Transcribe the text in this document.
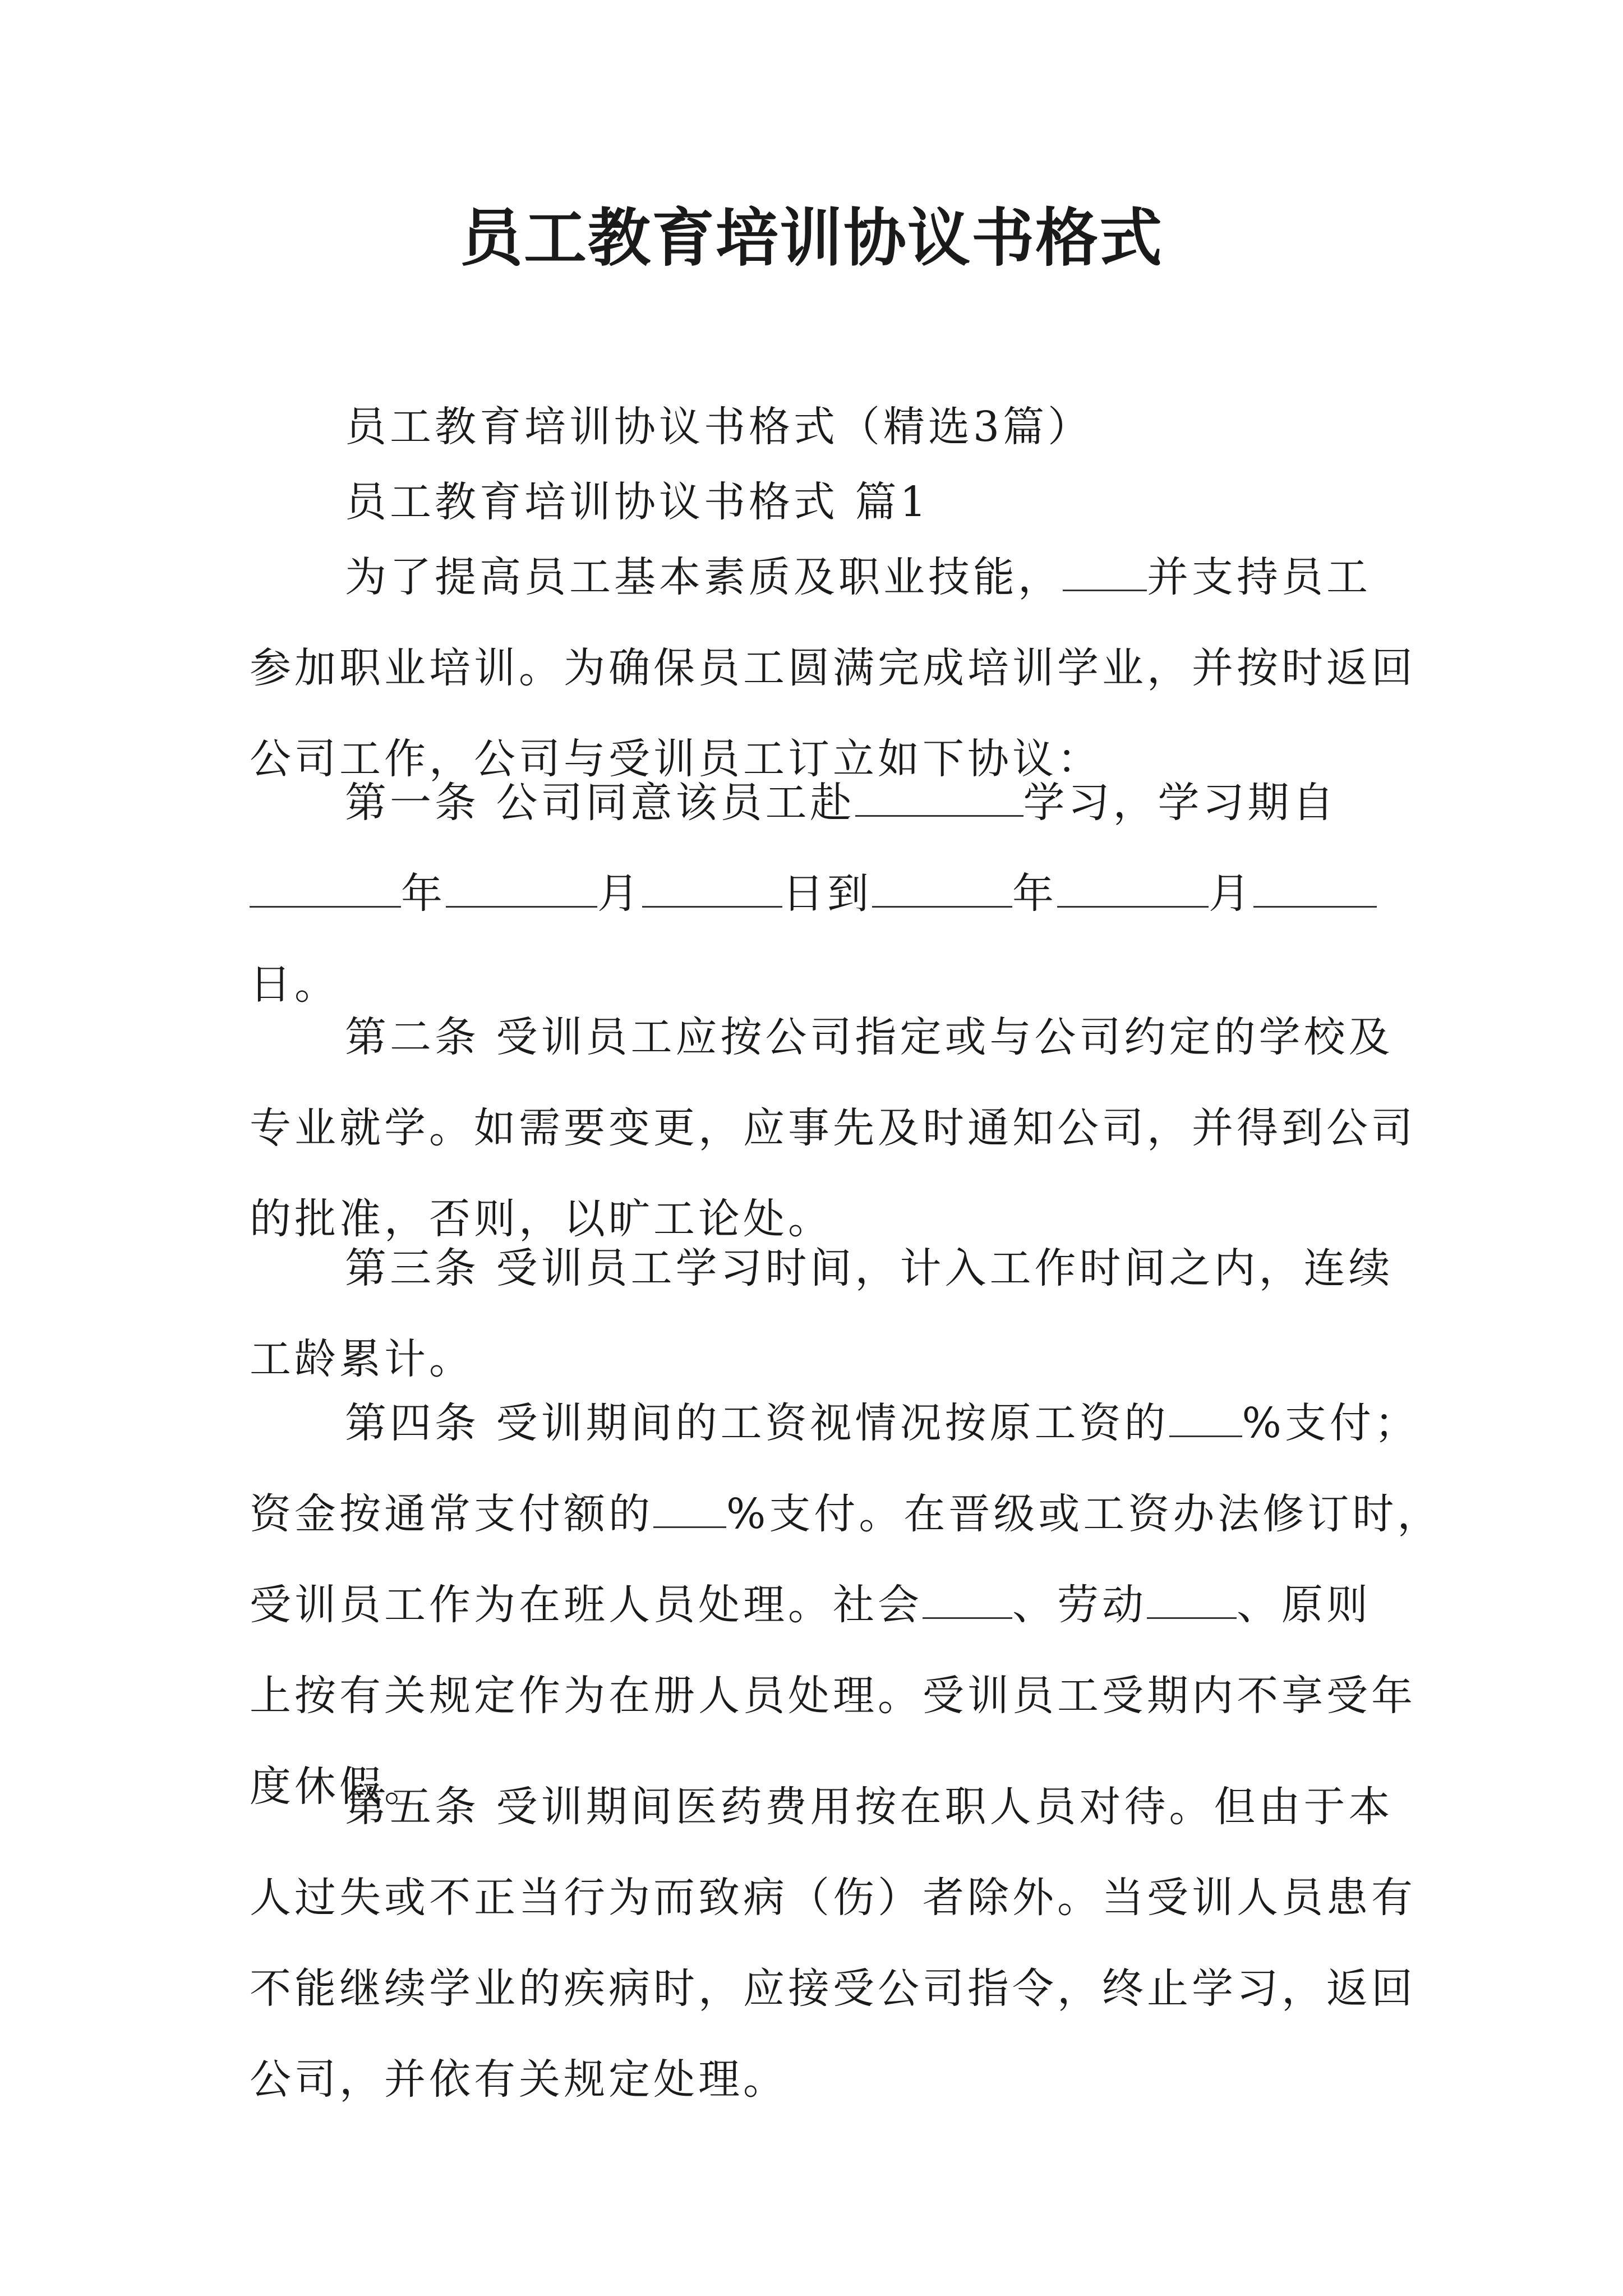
员工教育培训协议书格式
员工教育培训协议书格式（精选3篇）
员工教育培训协议书格式 篇1
为了提高员工基本素质及职业技能， 并支持员工
参加职业培训。为确保员工圆满完成培训学业，并按时返回
公司工作，公司与受训员工订立如下协议：
第一条 公司同意该员工赴	学习，学习期自
年	月	日到	年	月
日。
第二条 受训员工应按公司指定或与公司约定的学校及
专业就学。如需要变更，应事先及时通知公司，并得到公司
的批准，否则，以旷工论处。
第三条 受训员工学习时间，计入工作时间之内，连续
工龄累计。
第四条 受训期间的工资视情况按原工资的 %支付；
资金按通常支付额的 %支付。在晋级或工资办法修订时，
受训员工作为在班人员处理。社会 、劳动 、原则
上按有关规定作为在册人员处理。受训员工受期内不享受年
度休假。
第五条 受训期间医药费用按在职人员对待。但由于本
人过失或不正当行为而致病（伤）者除外。当受训人员患有
不能继续学业的疾病时，应接受公司指令，终止学习，返回
公司，并依有关规定处理。
